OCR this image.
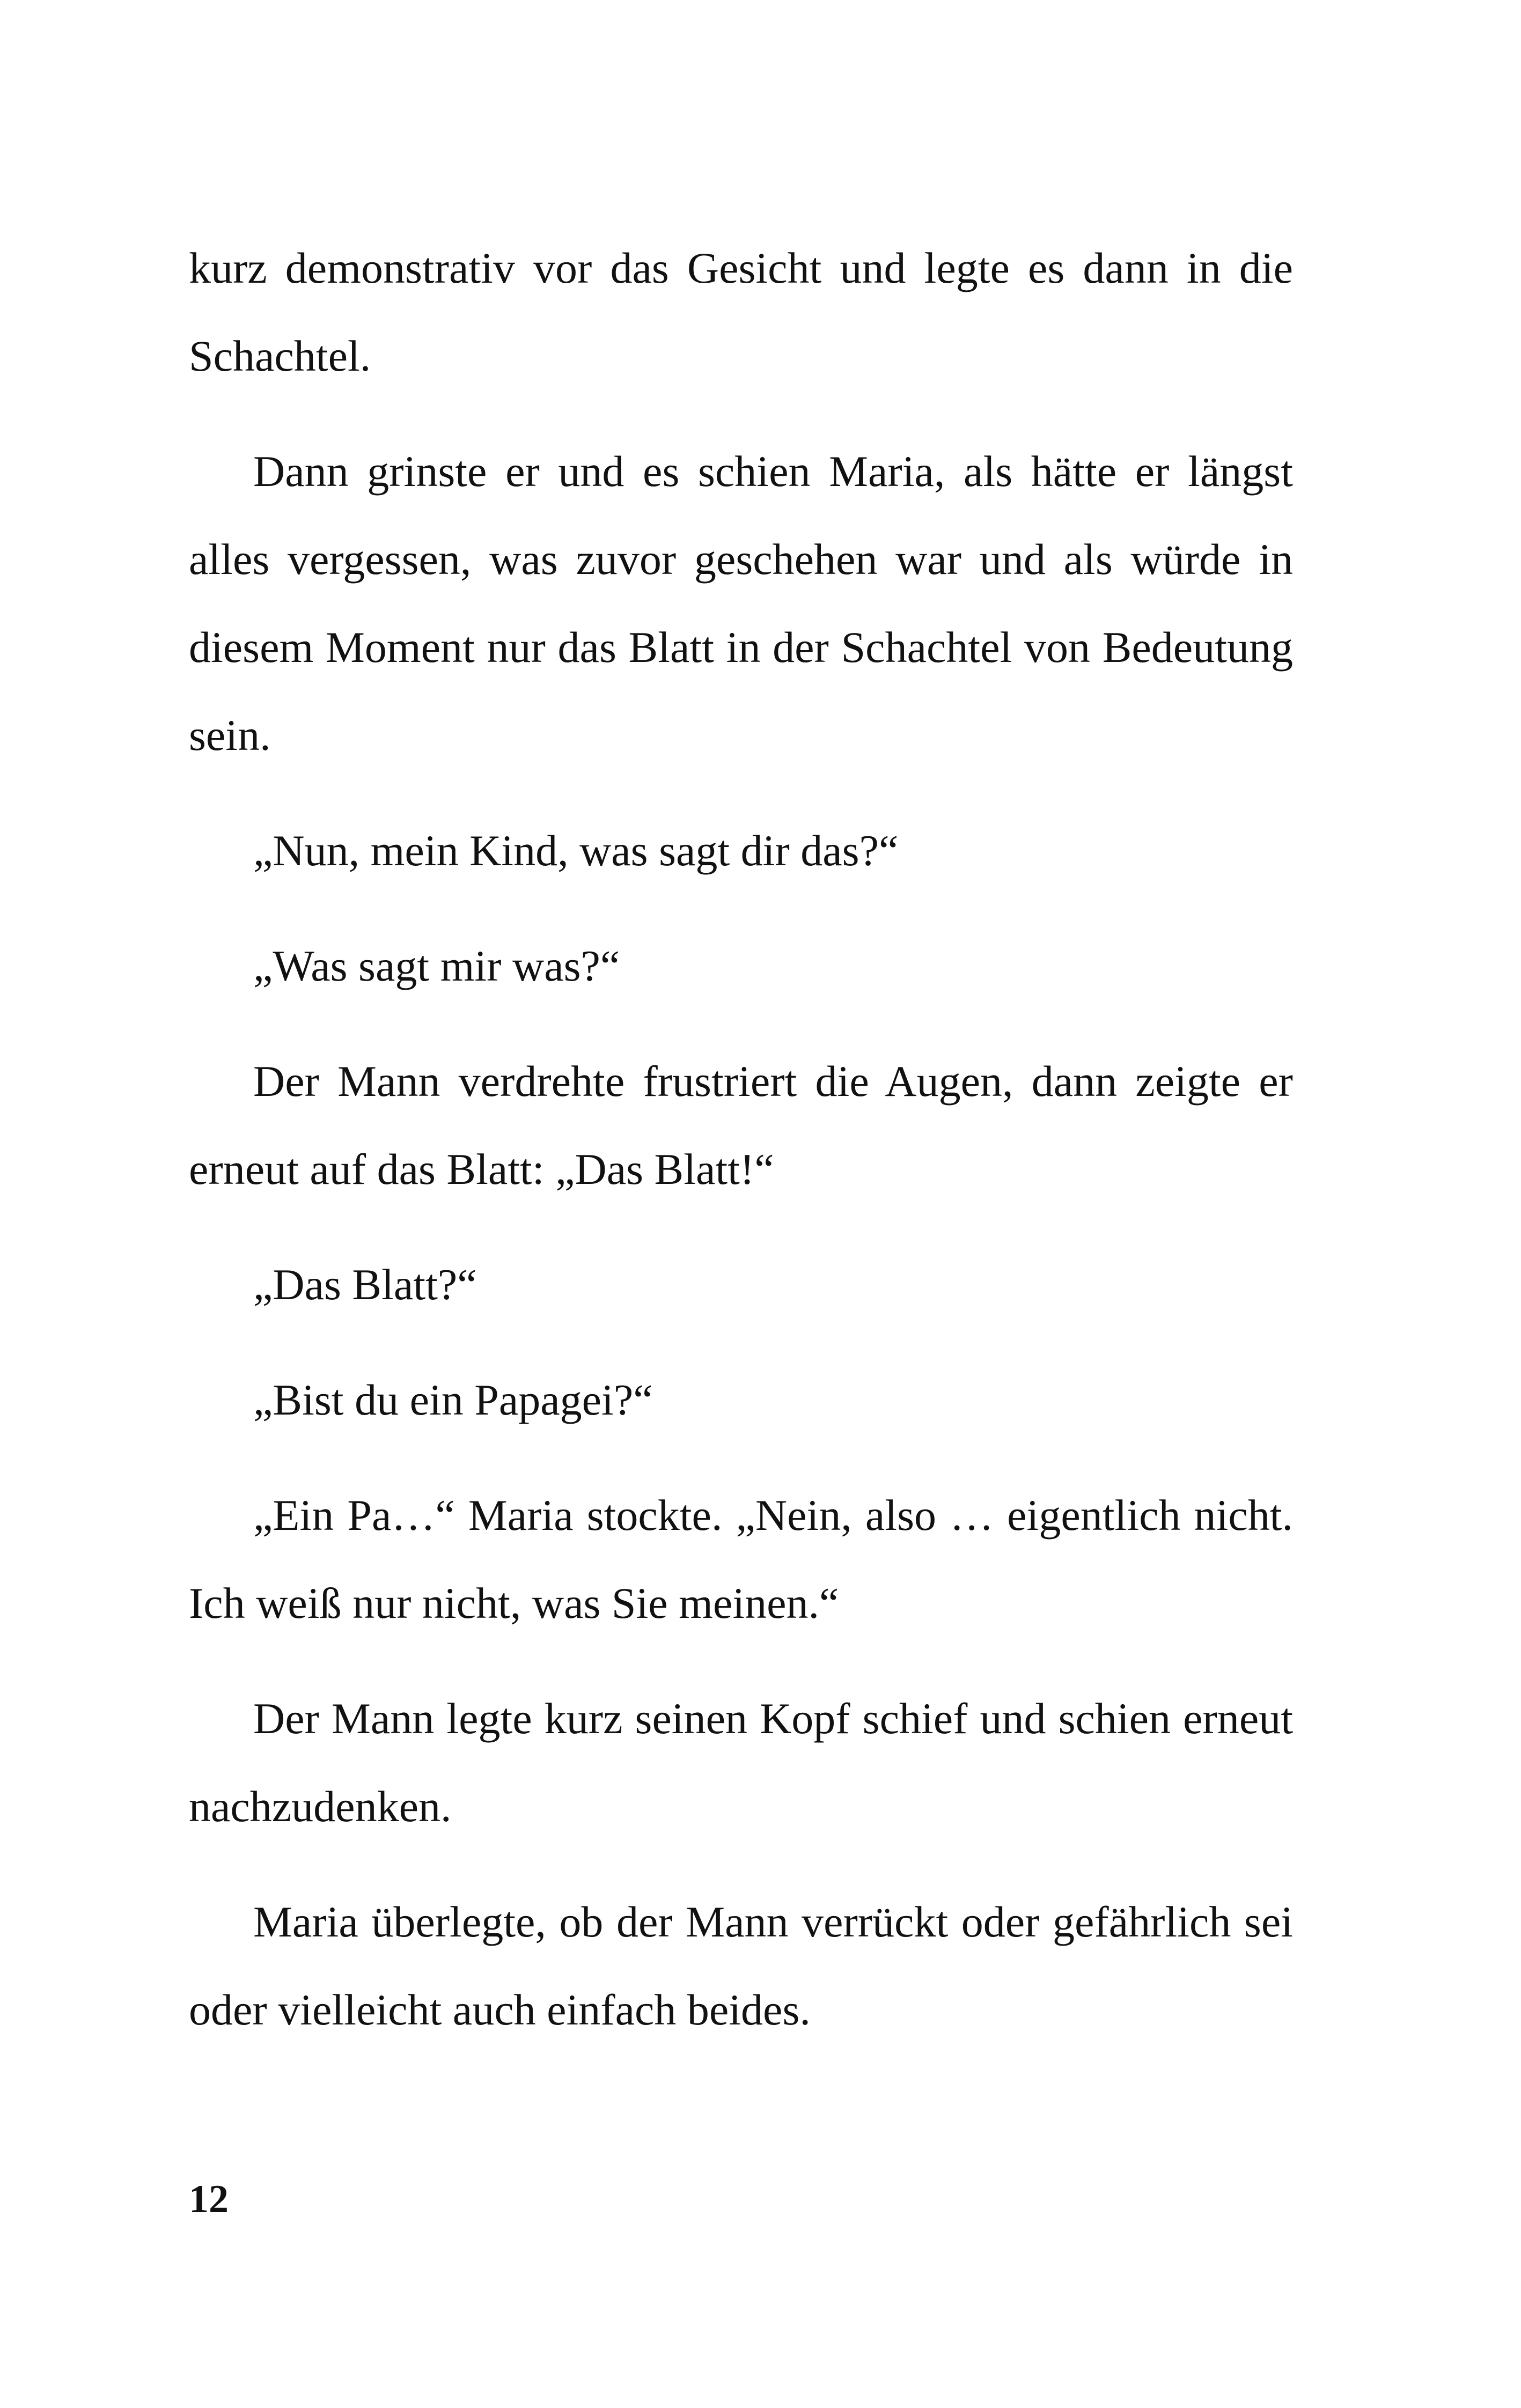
kurz demonstrativ vor das Gesicht und legte es dann in die Schachtel.

Dann grinste er und es schien Maria, als hätte er längst alles vergessen, was zuvor geschehen war und als würde in diesem Moment nur das Blatt in der Schachtel von Bedeutung sein.

„Nun, mein Kind, was sagt dir das?“

„Was sagt mir was?“

Der Mann verdrehte frustriert die Augen, dann zeigte er erneut auf das Blatt: „Das Blatt!“

„Das Blatt?“

„Bist du ein Papagei?“

„Ein Pa…“ Maria stockte. „Nein, also … eigentlich nicht. Ich weiß nur nicht, was Sie meinen.“

Der Mann legte kurz seinen Kopf schief und schien erneut nachzudenken.

Maria überlegte, ob der Mann verrückt oder gefährlich sei oder vielleicht auch einfach beides.

12
